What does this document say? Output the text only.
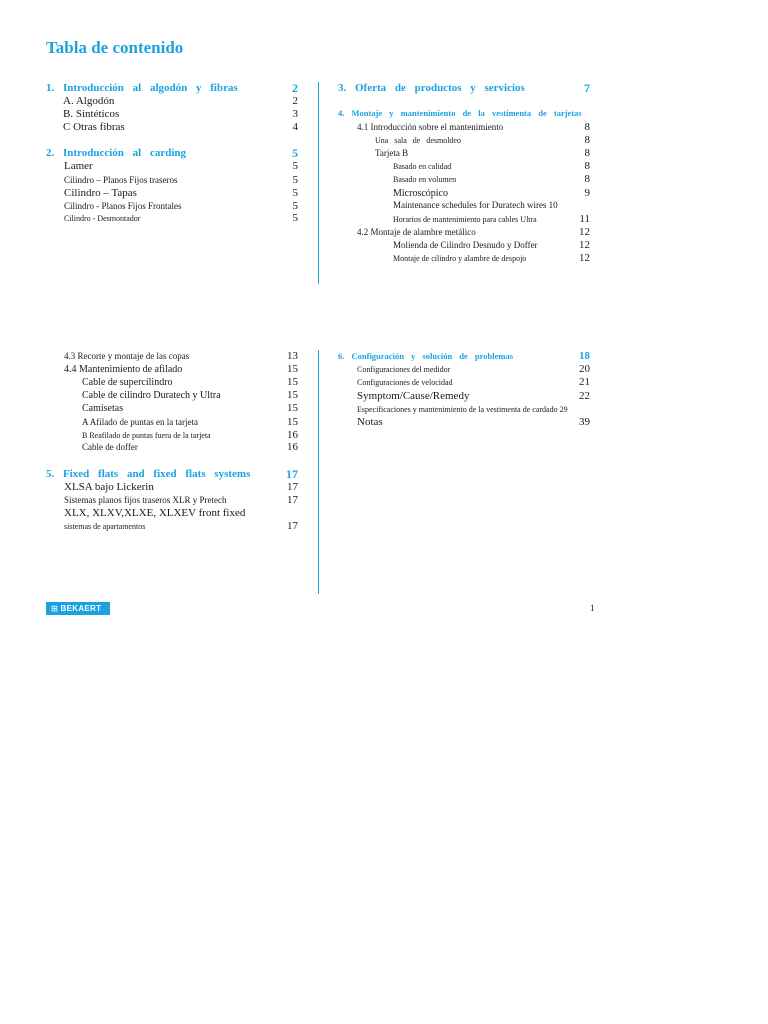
Tabla de contenido
1. Introducción al algodón y fibras	2
A. Algodón	2
B. Sintéticos	3
C Otras fibras	4
2. Introducción al carding	5
Lamer	5
Cilindro – Planos Fijos traseros	5
Cilindro – Tapas	5
Cilindro - Planos Fijos Frontales	5
Cilindro - Desmontador	5
3. Oferta de productos y servicios	7
4. Montaje y mantenimiento de la vestimenta de tarjetas
4.1 Introducción sobre el mantenimiento	8
Una sala de desmoldeo	8
Tarjeta B	8
Basado en calidad	8
Basado en volumen	8
Microscópico	9
Maintenance schedules for Duratech wires 10
Horarios de mantenimiento para cables Ultra	11
4.2 Montaje de alambre metálico	12
Molienda de Cilindro Desnudo y Doffer	12
Montaje de cilindro y alambre de despojo	12
4.3 Recorte y montaje de las copas	13
4.4 Mantenimiento de afilado	15
Cable de supercilindro	15
Cable de cilindro Duratech y Ultra	15
Camisetas	15
A Afilado de puntas en la tarjeta	15
B Reafilado de puntas fuera de la tarjeta	16
Cable de doffer	16
5. Fixed flats and fixed flats systems	17
XLSA bajo Lickerin	17
Sistemas planos fijos traseros XLR y Pretech	17
XLX, XLXV,XLXE, XLXEV front fixed
sistemas de apartamentos	17
6. Configuración y solución de problemas	18
Configuraciones del medidor	20
Configuraciones de velocidad	21
Symptom/Cause/Remedy	22
Especificaciones y mantenimiento de la vestimenta de cardado 29
Notas	39
⊞ BEKAERT	1
